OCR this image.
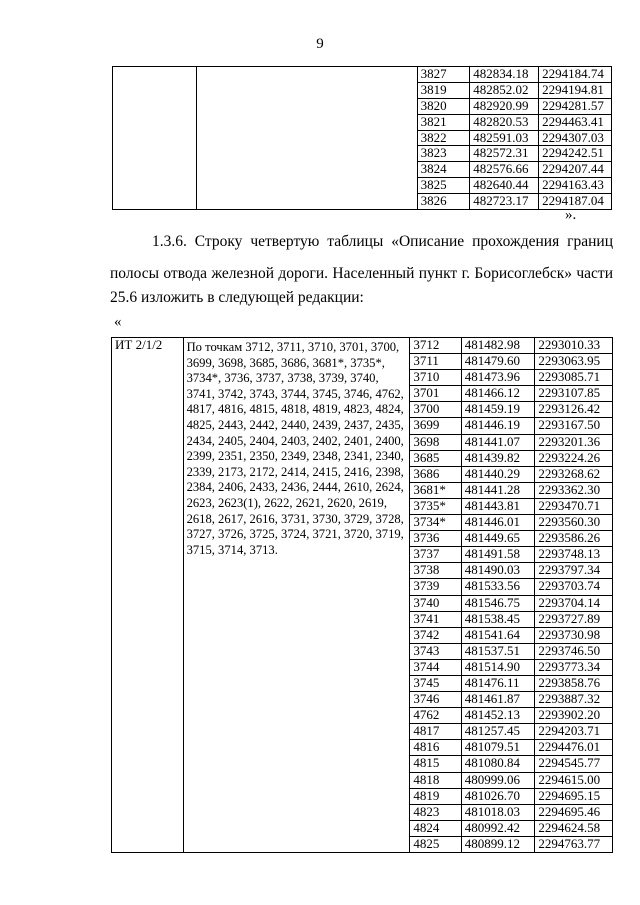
9
		3827	482834.18	2294184.74
		3819	482852.02	2294194.81
		3820	482920.99	2294281.57
		3821	482820.53	2294463.41
		3822	482591.03	2294307.03
		3823	482572.31	2294242.51
		3824	482576.66	2294207.44
		3825	482640.44	2294163.43
		3826	482723.17	2294187.04
».
1.3.6. Строку четвертую таблицы «Описание прохождения границ
полосы отвода железной дороги. Населенный пункт г. Борисоглебск» части
25.6 изложить в следующей редакции:
«
ИТ 2/1/2	По точкам 3712, 3711, 3710, 3701, 3700, 3699, 3698, 3685, 3686, 3681*, 3735*, 3734*, 3736, 3737, 3738, 3739, 3740, 3741, 3742, 3743, 3744, 3745, 3746, 4762, 4817, 4816, 4815, 4818, 4819, 4823, 4824, 4825, 2443, 2442, 2440, 2439, 2437, 2435, 2434, 2405, 2404, 2403, 2402, 2401, 2400, 2399, 2351, 2350, 2349, 2348, 2341, 2340, 2339, 2173, 2172, 2414, 2415, 2416, 2398, 2384, 2406, 2433, 2436, 2444, 2610, 2624, 2623, 2623(1), 2622, 2621, 2620, 2619, 2618, 2617, 2616, 3731, 3730, 3729, 3728, 3727, 3726, 3725, 3724, 3721, 3720, 3719, 3715, 3714, 3713.	3712	481482.98	2293010.33
		3711	481479.60	2293063.95
		3710	481473.96	2293085.71
		3701	481466.12	2293107.85
		3700	481459.19	2293126.42
		3699	481446.19	2293167.50
		3698	481441.07	2293201.36
		3685	481439.82	2293224.26
		3686	481440.29	2293268.62
		3681*	481441.28	2293362.30
		3735*	481443.81	2293470.71
		3734*	481446.01	2293560.30
		3736	481449.65	2293586.26
		3737	481491.58	2293748.13
		3738	481490.03	2293797.34
		3739	481533.56	2293703.74
		3740	481546.75	2293704.14
		3741	481538.45	2293727.89
		3742	481541.64	2293730.98
		3743	481537.51	2293746.50
		3744	481514.90	2293773.34
		3745	481476.11	2293858.76
		3746	481461.87	2293887.32
		4762	481452.13	2293902.20
		4817	481257.45	2294203.71
		4816	481079.51	2294476.01
		4815	481080.84	2294545.77
		4818	480999.06	2294615.00
		4819	481026.70	2294695.15
		4823	481018.03	2294695.46
		4824	480992.42	2294624.58
		4825	480899.12	2294763.77
